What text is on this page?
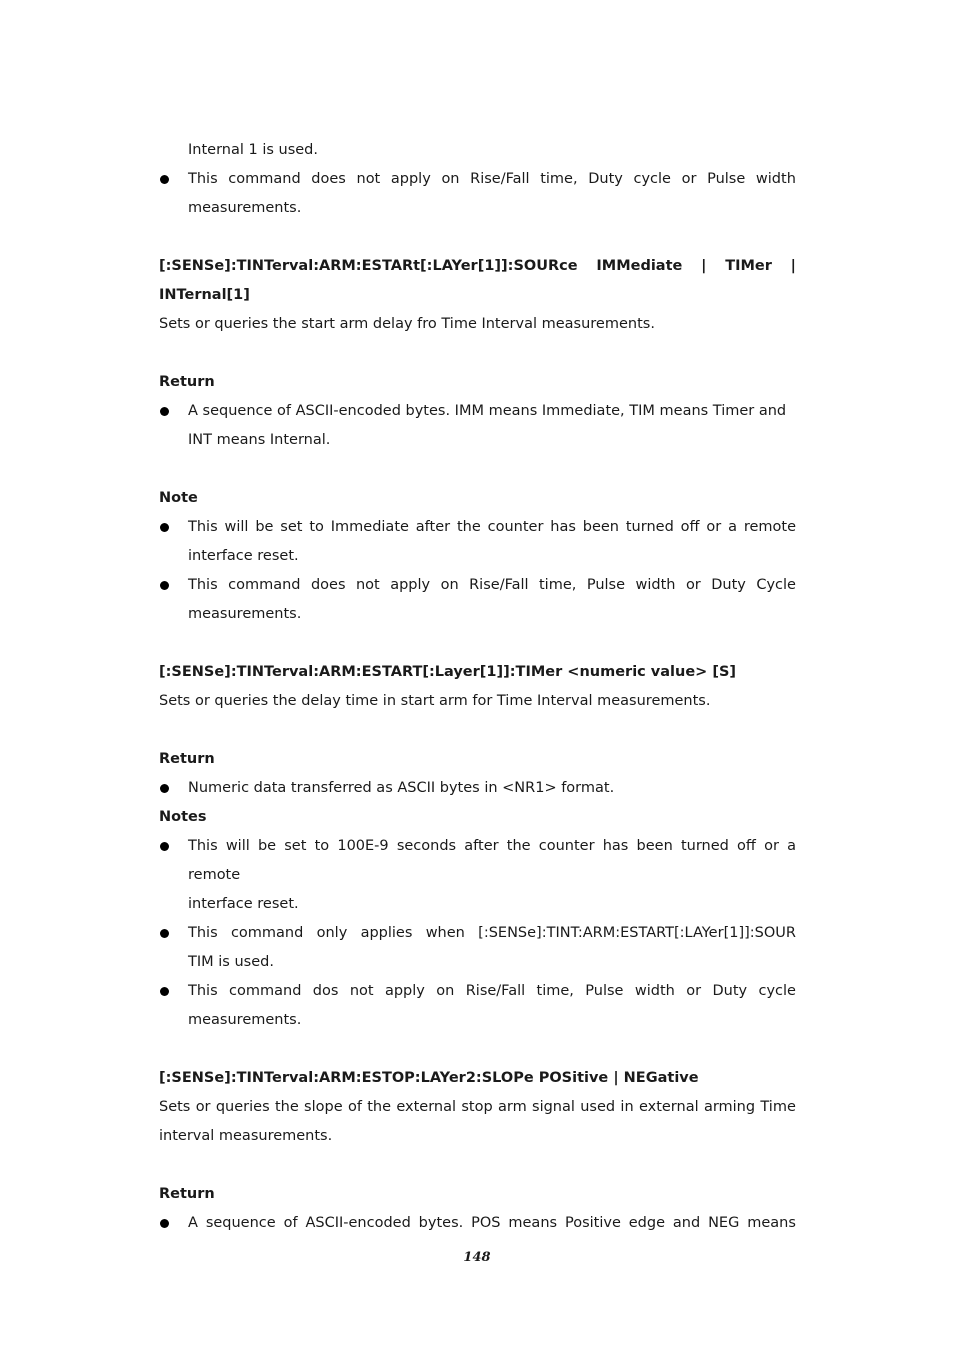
Internal 1 is used.
This command does not apply on Rise/Fall time, Duty cycle or Pulse width
measurements.
[:SENSe]:TINTerval:ARM:ESTARt[:LAYer[1]]:SOURce IMMediate | TIMer |
INTernal[1]
Sets or queries the start arm delay fro Time Interval measurements.
Return
A sequence of ASCII-encoded bytes. IMM means Immediate, TIM means Timer and
INT means Internal.
Note
This will be set to Immediate after the counter has been turned off or a remote
interface reset.
This command does not apply on Rise/Fall time, Pulse width or Duty Cycle
measurements.
[:SENSe]:TINTerval:ARM:ESTART[:Layer[1]]:TIMer <numeric value> [S]
Sets or queries the delay time in start arm for Time Interval measurements.
Return
Numeric data transferred as ASCII bytes in <NR1> format.
Notes
This will be set to 100E-9 seconds after the counter has been turned off or a remote
interface reset.
This command only applies when [:SENSe]:TINT:ARM:ESTART[:LAYer[1]]:SOUR
TIM is used.
This command dos not apply on Rise/Fall time, Pulse width or Duty cycle
measurements.
[:SENSe]:TINTerval:ARM:ESTOP:LAYer2:SLOPe POSitive | NEGative
Sets or queries the slope of the external stop arm signal used in external arming Time
interval measurements.
Return
A sequence of ASCII-encoded bytes. POS means Positive edge and NEG means
148
